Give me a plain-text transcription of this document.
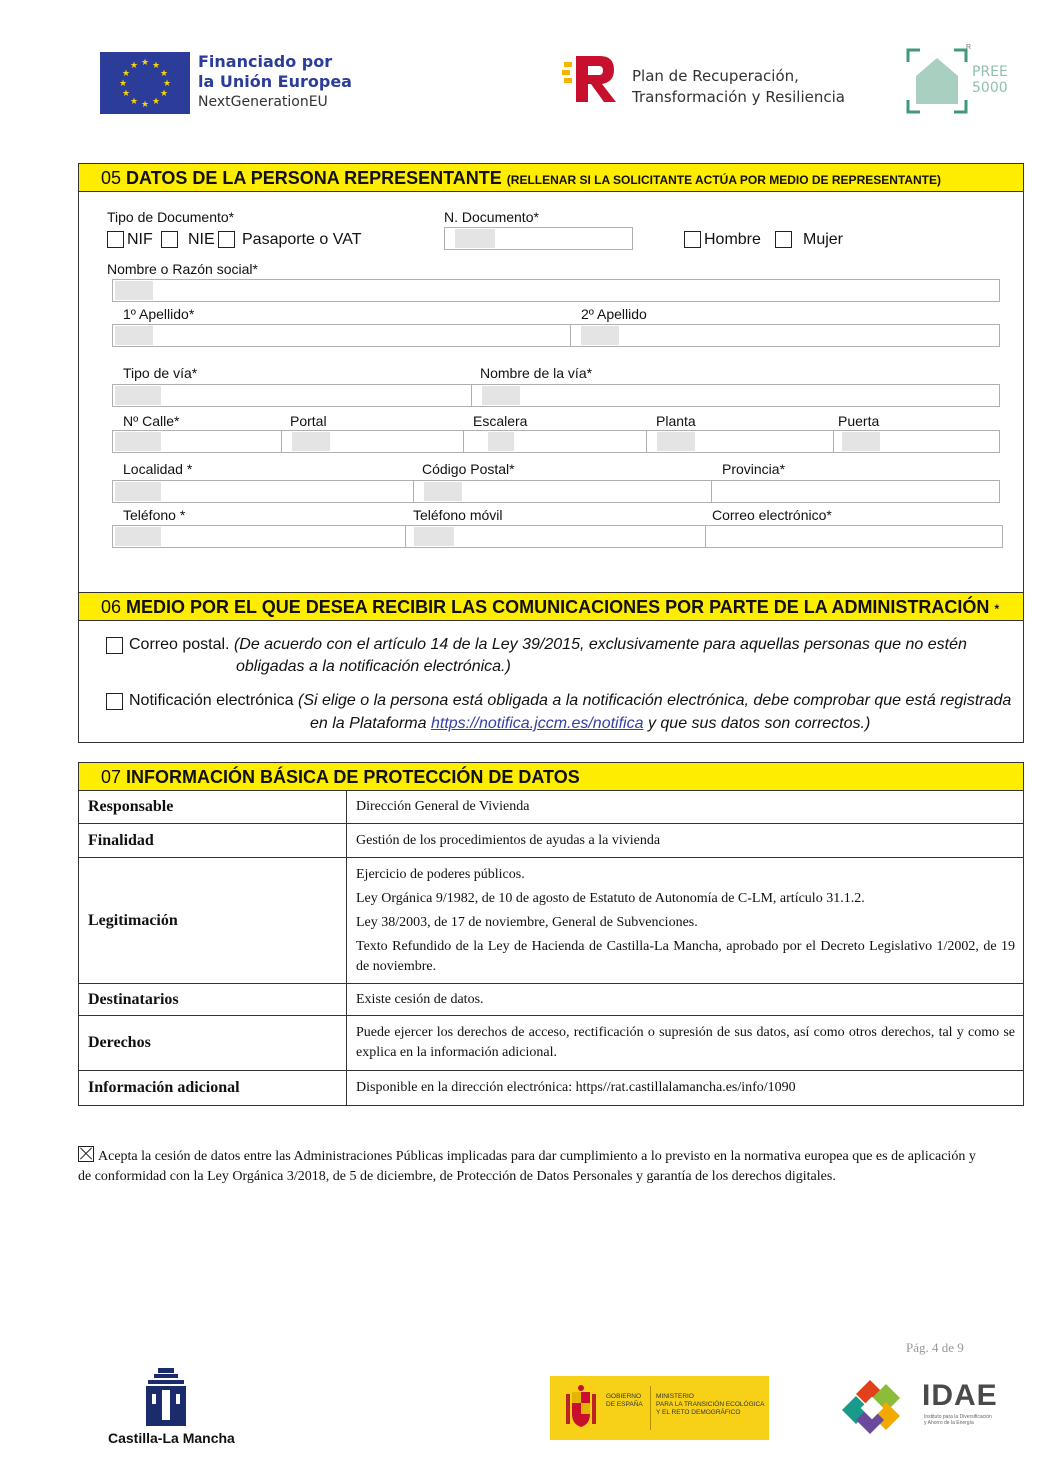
★ ★
★
★
★
★
★
★
★
★
★
★	Financiado por
la Unión Europea
NextGenerationEU
Plan de Recuperación,
Transformación y Resiliencia
R
PREE
5000
05 DATOS DE LA PERSONA REPRESENTANTE (RELLENAR SI LA SOLICITANTE ACTÚA POR MEDIO DE REPRESENTANTE)
Tipo de Documento*	N. Documento*
NIF NIE Pasaporte o VAT	Hombre	Mujer
Nombre o Razón social*
1º Apellido*	2º Apellido
Tipo de vía*	Nombre de la vía*
Nº Calle*	Portal	Escalera	Planta	Puerta
Localidad *	Código Postal*	Provincia*
Teléfono *	Teléfono móvil	Correo electrónico*
06 MEDIO POR EL QUE DESEA RECIBIR LAS COMUNICACIONES POR PARTE DE LA ADMINISTRACIÓN *
Correo postal. (De acuerdo con el artículo 14 de la Ley 39/2015, exclusivamente para aquellas personas que no estén
obligadas a la notificación electrónica.)
Notificación electrónica (Si elige o la persona está obligada a la notificación electrónica, debe comprobar que está registrada
en la Plataforma https://notifica.jccm.es/notifica y que sus datos son correctos.)
07 INFORMACIÓN BÁSICA DE PROTECCIÓN DE DATOS
Responsable	Dirección General de Vivienda

Finalidad	Gestión de los procedimientos de ayudas a la vivienda

Legitimación	Ejercicio de poderes públicos.

Ley Orgánica 9/1982, de 10 de agosto de Estatuto de Autonomía de C-LM, artículo 31.1.2.

Ley 38/2003, de 17 de noviembre, General de Subvenciones.

Texto Refundido de la Ley de Hacienda de Castilla-La Mancha, aprobado por el Decreto Legislativo 1/2002, de 19 de noviembre.

Destinatarios	Existe cesión de datos.

Derechos	Puede ejercer los derechos de acceso, rectificación o supresión de sus datos, así como otros derechos, tal y como se explica en la información adicional.

Información adicional	Disponible en la dirección electrónica: https//rat.castillalamancha.es/info/1090

Acepta la cesión de datos entre las Administraciones Públicas implicadas para dar cumplimiento a lo previsto en la normativa europea que es de aplicación y de conformidad con la Ley Orgánica 3/2018, de 5 de diciembre, de Protección de Datos Personales y garantía de los derechos digitales.
Pág. 4 de 9
Castilla-La Mancha
GOBIERNO
DE ESPAÑA
MINISTERIO
PARA LA TRANSICIÓN ECOLÓGICA
Y EL RETO DEMOGRÁFICO
IDAE
Instituto para la Diversificación
y Ahorro de la Energía
